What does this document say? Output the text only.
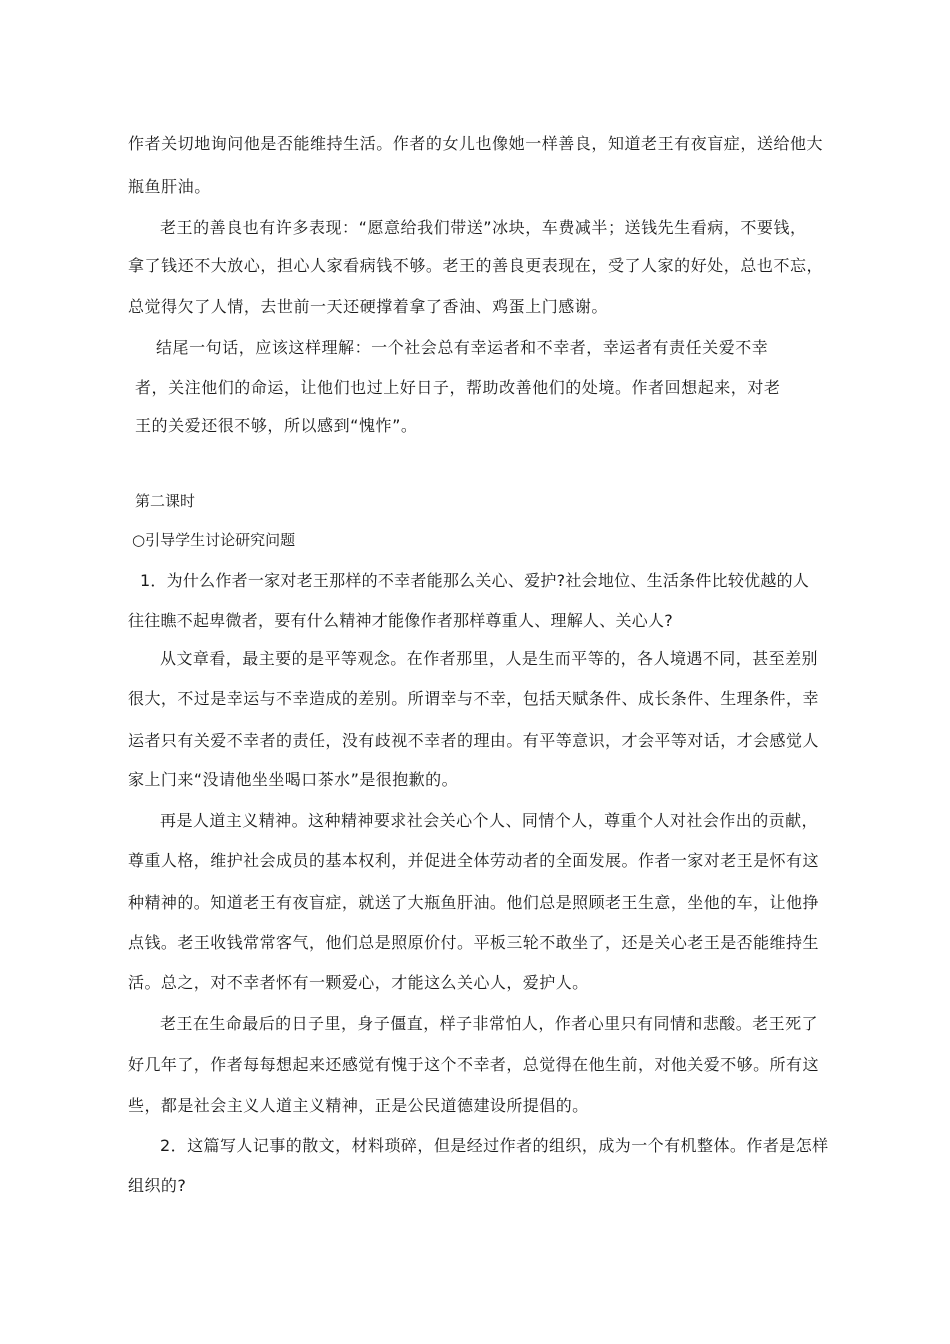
作者关切地询问他是否能维持生活。作者的女儿也像她一样善良，知道老王有夜盲症，送给他大
瓶鱼肝油。
老王的善良也有许多表现：“愿意给我们带送”冰块，车费减半；送钱先生看病，不要钱，
拿了钱还不大放心，担心人家看病钱不够。老王的善良更表现在，受了人家的好处，总也不忘，
总觉得欠了人情，去世前一天还硬撑着拿了香油、鸡蛋上门感谢。
结尾一句话，应该这样理解：一个社会总有幸运者和不幸者，幸运者有责任关爱不幸
者，关注他们的命运，让他们也过上好日子，帮助改善他们的处境。作者回想起来，对老
王的关爱还很不够，所以感到“愧怍”。
第二课时
○引导学生讨论研究问题
1．为什么作者一家对老王那样的不幸者能那么关心、爱护?社会地位、生活条件比较优越的人
往往瞧不起卑微者，要有什么精神才能像作者那样尊重人、理解人、关心人?
从文章看，最主要的是平等观念。在作者那里，人是生而平等的，各人境遇不同，甚至差别
很大，不过是幸运与不幸造成的差别。所谓幸与不幸，包括天赋条件、成长条件、生理条件，幸
运者只有关爱不幸者的责任，没有歧视不幸者的理由。有平等意识，才会平等对话，才会感觉人
家上门来“没请他坐坐喝口茶水”是很抱歉的。
再是人道主义精神。这种精神要求社会关心个人、同情个人，尊重个人对社会作出的贡献，
尊重人格，维护社会成员的基本权利，并促进全体劳动者的全面发展。作者一家对老王是怀有这
种精神的。知道老王有夜盲症，就送了大瓶鱼肝油。他们总是照顾老王生意，坐他的车，让他挣
点钱。老王收钱常常客气，他们总是照原价付。平板三轮不敢坐了，还是关心老王是否能维持生
活。总之，对不幸者怀有一颗爱心，才能这么关心人，爱护人。
老王在生命最后的日子里，身子僵直，样子非常怕人，作者心里只有同情和悲酸。老王死了
好几年了，作者每每想起来还感觉有愧于这个不幸者，总觉得在他生前，对他关爱不够。所有这
些，都是社会主义人道主义精神，正是公民道德建设所提倡的。
2．这篇写人记事的散文，材料琐碎，但是经过作者的组织，成为一个有机整体。作者是怎样
组织的?
